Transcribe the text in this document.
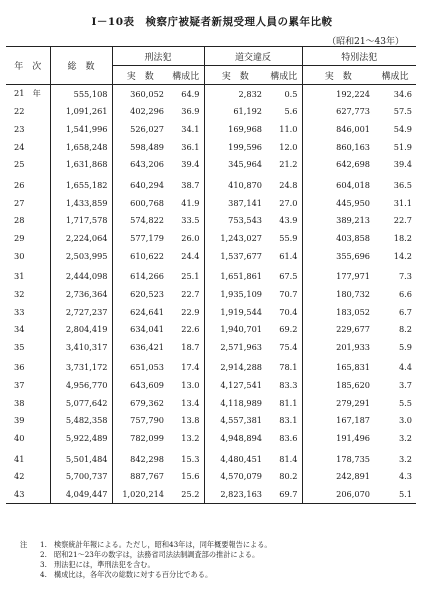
I－10表　検察庁被疑者新規受理人員の累年比較
（昭和21～43年）
年　次	総　数	刑法犯		道交違反		特別法犯	
		実　数	構成比	実　数	構成比	実　数	構成比
21　年	555,108	360,052	64.9	2,832	0.5	192,224	34.6
22	1,091,261	402,296	36.9	61,192	5.6	627,773	57.5
23	1,541,996	526,027	34.1	169,968	11.0	846,001	54.9
24	1,658,248	598,489	36.1	199,596	12.0	860,163	51.9
25	1,631,868	643,206	39.4	345,964	21.2	642,698	39.4
26	1,655,182	640,294	38.7	410,870	24.8	604,018	36.5
27	1,433,859	600,768	41.9	387,141	27.0	445,950	31.1
28	1,717,578	574,822	33.5	753,543	43.9	389,213	22.7
29	2,224,064	577,179	26.0	1,243,027	55.9	403,858	18.2
30	2,503,995	610,622	24.4	1,537,677	61.4	355,696	14.2
31	2,444,098	614,266	25.1	1,651,861	67.5	177,971	7.3
32	2,736,364	620,523	22.7	1,935,109	70.7	180,732	6.6
33	2,727,237	624,641	22.9	1,919,544	70.4	183,052	6.7
34	2,804,419	634,041	22.6	1,940,701	69.2	229,677	8.2
35	3,410,317	636,421	18.7	2,571,963	75.4	201,933	5.9
36	3,731,172	651,053	17.4	2,914,288	78.1	165,831	4.4
37	4,956,770	643,609	13.0	4,127,541	83.3	185,620	3.7
38	5,077,642	679,362	13.4	4,118,989	81.1	279,291	5.5
39	5,482,358	757,790	13.8	4,557,381	83.1	167,187	3.0
40	5,922,489	782,099	13.2	4,948,894	83.6	191,496	3.2
41	5,501,484	842,298	15.3	4,480,451	81.4	178,735	3.2
42	5,700,737	887,767	15.6	4,570,079	80.2	242,891	4.3
43	4,049,447	1,020,214	25.2	2,823,163	69.7	206,070	5.1
注	1. 検察統計年報による。ただし，昭和43年は，同年概要報告による。
2. 昭和21～23年の数字は，法務省司法法制調査部の推計による。
3. 刑法犯には，準刑法犯を含む。
4. 構成比は，各年次の総数に対する百分比である。
